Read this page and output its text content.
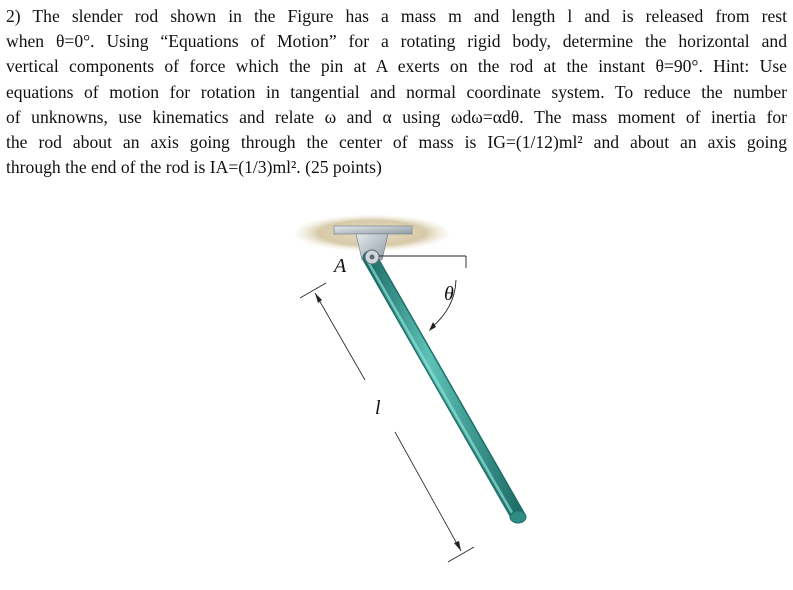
2) The slender rod shown in the Figure has a mass m and length l and is released from rest
when θ=0°. Using “Equations of Motion” for a rotating rigid body, determine the horizontal and
vertical components of force which the pin at A exerts on the rod at the instant θ=90°. Hint: Use
equations of motion for rotation in tangential and normal coordinate system. To reduce the number
of unknowns, use kinematics and relate ω and α using ωdω=αdθ. The mass moment of inertia for
the rod about an axis going through the center of mass is IG=(1/12)ml² and about an axis going
through the end of the rod is IA=(1/3)ml². (25 points)
A
θ
l
